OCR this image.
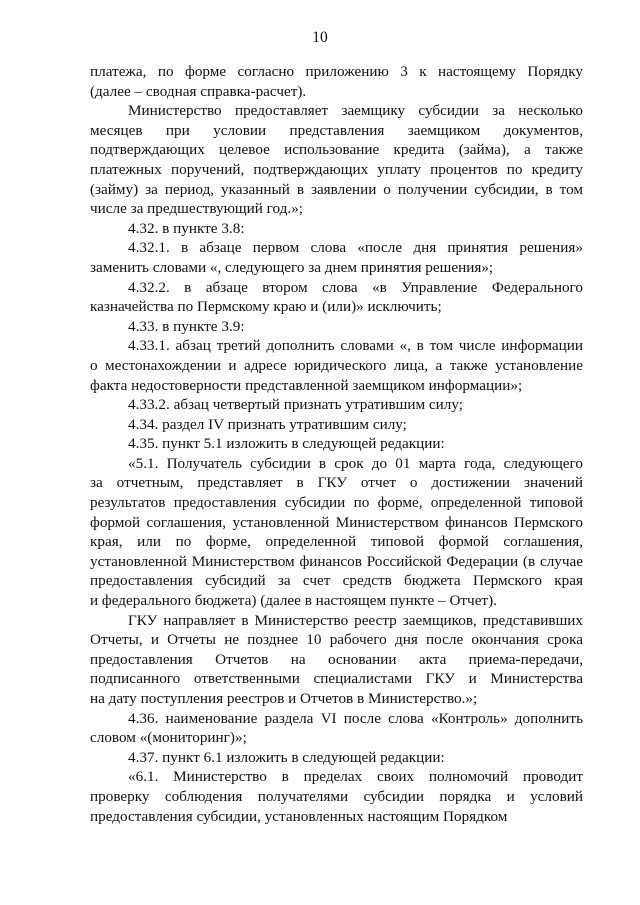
10
платежа, по форме согласно приложению 3 к настоящему Порядку
(далее – сводная справка-расчет).
Министерство предоставляет заемщику субсидии за несколько
месяцев при условии представления заемщиком документов,
подтверждающих целевое использование кредита (займа), а также
платежных поручений, подтверждающих уплату процентов по кредиту
(займу) за период, указанный в заявлении о получении субсидии, в том
числе за предшествующий год.»;
4.32. в пункте 3.8:
4.32.1. в абзаце первом слова «после дня принятия решения»
заменить словами «, следующего за днем принятия решения»;
4.32.2. в абзаце втором слова «в Управление Федерального
казначейства по Пермскому краю и (или)» исключить;
4.33. в пункте 3.9:
4.33.1. абзац третий дополнить словами «, в том числе информации
о местонахождении и адресе юридического лица, а также установление
факта недостоверности представленной заемщиком информации»;
4.33.2. абзац четвертый признать утратившим силу;
4.34. раздел IV признать утратившим силу;
4.35. пункт 5.1 изложить в следующей редакции:
«5.1. Получатель субсидии в срок до 01 марта года, следующего
за отчетным, представляет в ГКУ отчет о достижении значений
результатов предоставления субсидии по форме, определенной типовой
формой соглашения, установленной Министерством финансов Пермского
края, или по форме, определенной типовой формой соглашения,
установленной Министерством финансов Российской Федерации (в случае
предоставления субсидий за счет средств бюджета Пермского края
и федерального бюджета) (далее в настоящем пункте – Отчет).
ГКУ направляет в Министерство реестр заемщиков, представивших
Отчеты, и Отчеты не позднее 10 рабочего дня после окончания срока
предоставления Отчетов на основании акта приема-передачи,
подписанного ответственными специалистами ГКУ и Министерства
на дату поступления реестров и Отчетов в Министерство.»;
4.36. наименование раздела VI после слова «Контроль» дополнить
словом «(мониторинг)»;
4.37. пункт 6.1 изложить в следующей редакции:
«6.1. Министерство в пределах своих полномочий проводит
проверку соблюдения получателями субсидии порядка и условий
предоставления субсидии, установленных настоящим Порядком
